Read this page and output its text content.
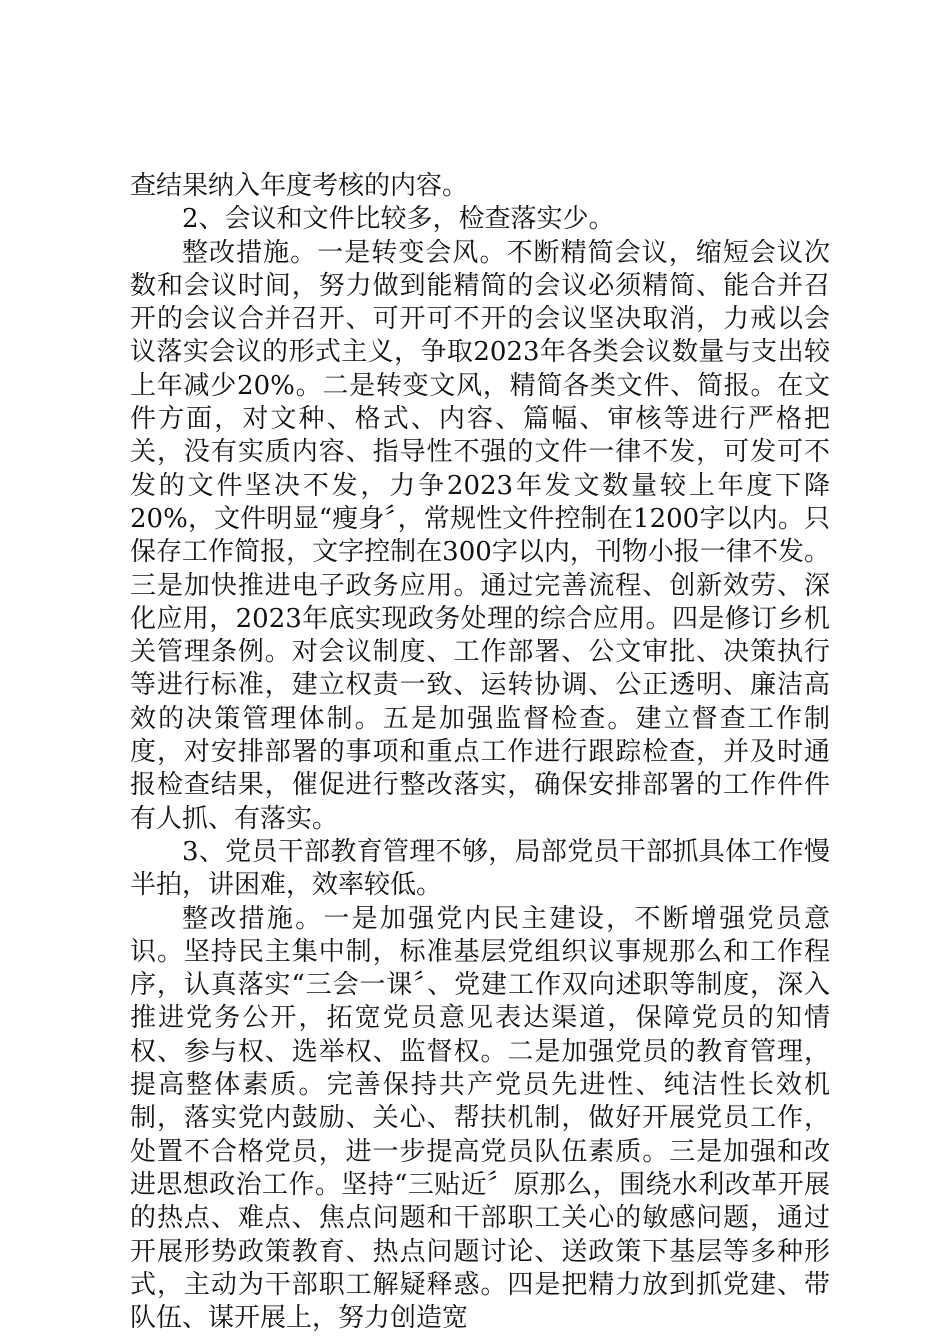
查结果纳入年度考核的内容。

2、会议和文件比较多，检查落实少。

整改措施。一是转变会风。不断精简会议，缩短会议次数和会议时间，努力做到能精简的会议必须精简、能合并召开的会议合并召开、可开可不开的会议坚决取消，力戒以会议落实会议的形式主义，争取2023年各类会议数量与支出较上年减少20%。二是转变文风，精简各类文件、简报。在文件方面，对文种、格式、内容、篇幅、审核等进行严格把关，没有实质内容、指导性不强的文件一律不发，可发可不发的文件坚决不发，力争2023年发文数量较上年度下降20%，文件明显“瘦身〞，常规性文件控制在1200字以内。只保存工作简报，文字控制在300字以内，刊物小报一律不发。三是加快推进电子政务应用。通过完善流程、创新效劳、深化应用，2023年底实现政务处理的综合应用。四是修订乡机关管理条例。对会议制度、工作部署、公文审批、决策执行等进行标准，建立权责一致、运转协调、公正透明、廉洁高效的决策管理体制。五是加强监督检查。建立督查工作制度，对安排部署的事项和重点工作进行跟踪检查，并及时通报检查结果，催促进行整改落实，确保安排部署的工作件件有人抓、有落实。

3、党员干部教育管理不够，局部党员干部抓具体工作慢半拍，讲困难，效率较低。

整改措施。一是加强党内民主建设，不断增强党员意识。坚持民主集中制，标准基层党组织议事规那么和工作程序，认真落实“三会一课〞、党建工作双向述职等制度，深入推进党务公开，拓宽党员意见表达渠道，保障党员的知情权、参与权、选举权、监督权。二是加强党员的教育管理，提高整体素质。完善保持共产党员先进性、纯洁性长效机制，落实党内鼓励、关心、帮扶机制，做好开展党员工作，处置不合格党员，进一步提高党员队伍素质。三是加强和改进思想政治工作。坚持“三贴近〞原那么，围绕水利改革开展的热点、难点、焦点问题和干部职工关心的敏感问题，通过开展形势政策教育、热点问题讨论、送政策下基层等多种形式，主动为干部职工解疑释惑。四是把精力放到抓党建、带队伍、谋开展上，努力创造宽
